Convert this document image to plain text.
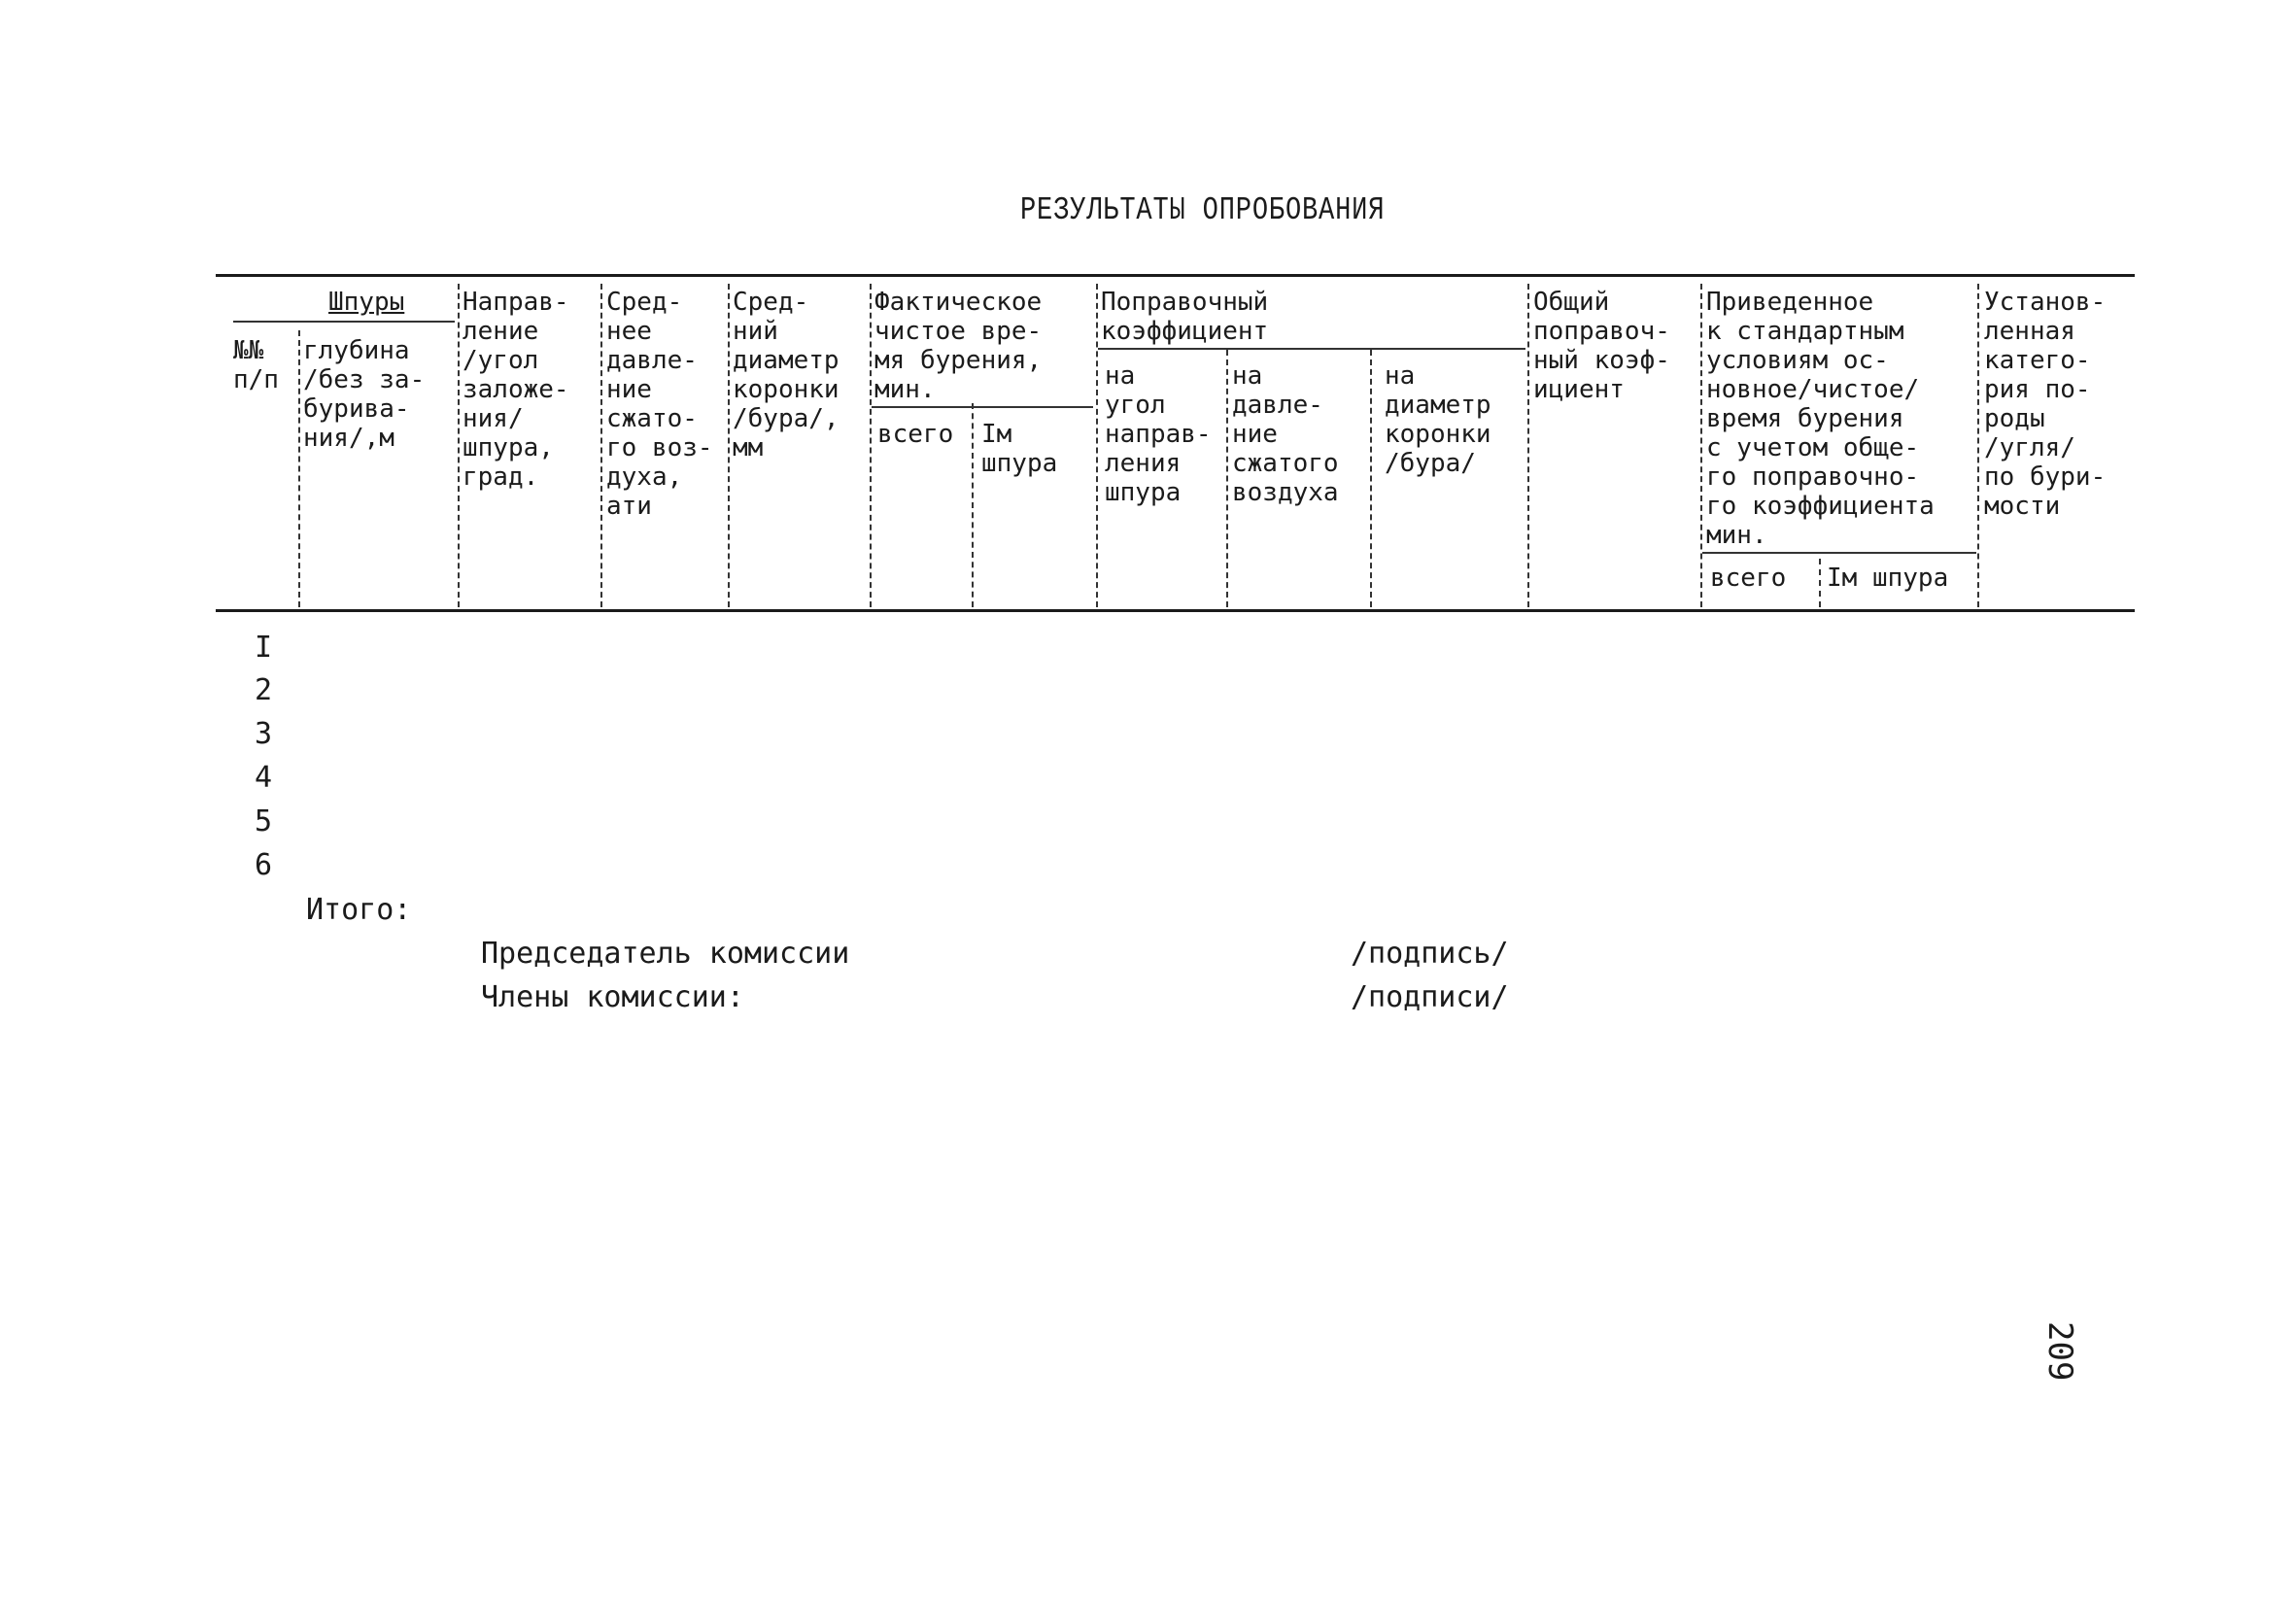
РЕЗУЛЬТАТЫ ОПРОБОВАНИЯ
№№
п/п
Шпуры
глубина
/без за-
бурива-
ния/,м
Направ-
ление
/угол
заложе-
ния/
шпура,
град.
Сред-
нее
давле-
ние
сжато-
го воз-
духа,
ати
Сред-
ний
диаметр
коронки
/бура/,
мм
Фактическое
чистое вре-
мя бурения,
мин.
всего Iм
шпура
Поправочный
коэффициент
на
угол
направ-
ления
шпура
на
давле-
ние
сжатого
воздуха
на
диаметр
коронки
/бура/
Общий
поправоч-
ный коэф-
ициент
Приведенное
к стандартным
условиям ос-
новное/чистое/
время бурения
с учетом обще-
го поправочно-
го коэффициента
мин.
всего Iм шпура
Установ-
ленная
катего-
рия по-
роды
/угля/
по бури-
мости
I
2
3
4
5
6
Итого:
Председатель комиссии	/подпись/
Члены комиссии:	/подписи/
209
